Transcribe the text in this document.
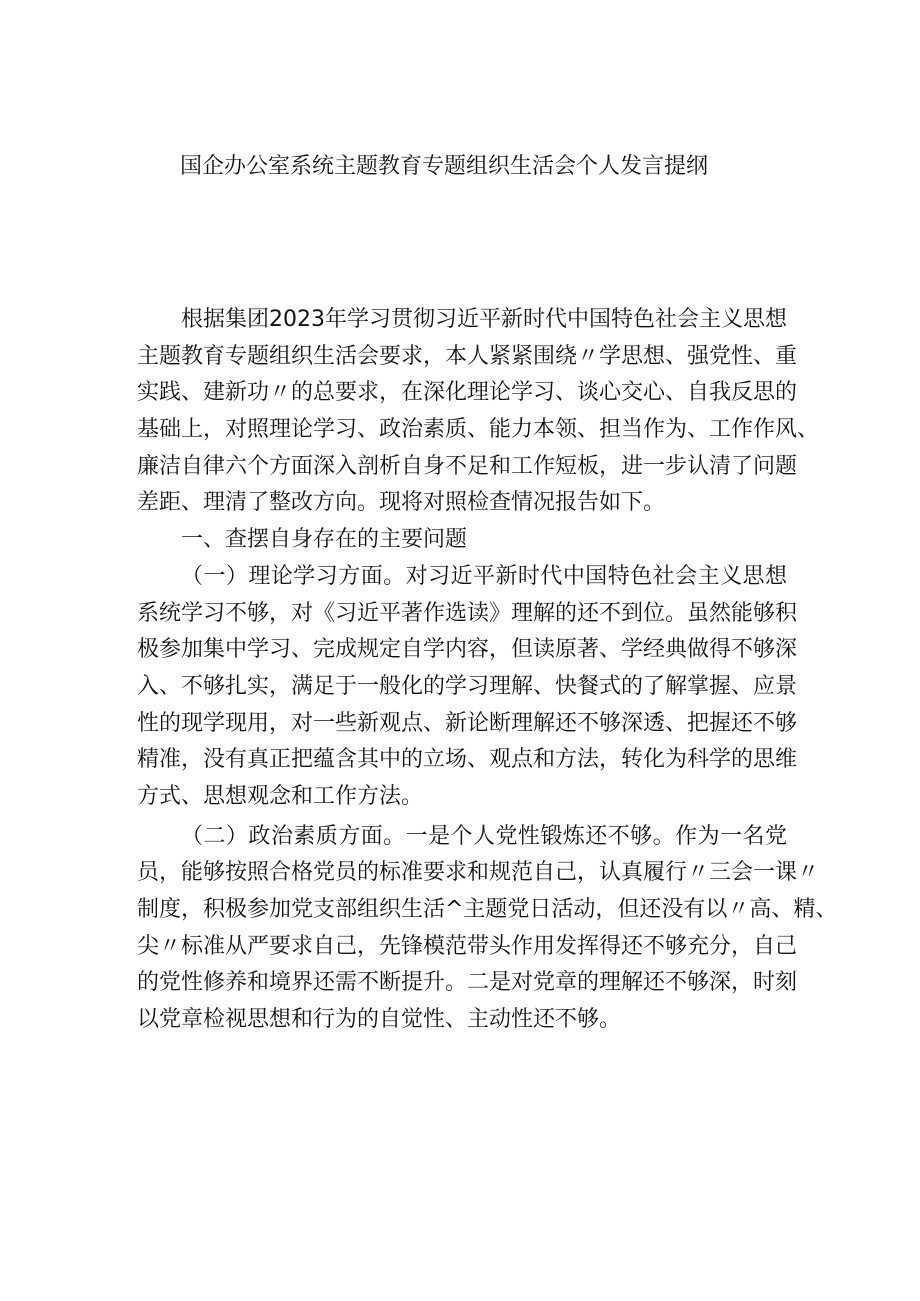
国企办公室系统主题教育专题组织生活会个人发言提纲
根据集团2023年学习贯彻习近平新时代中国特色社会主义思想
主题教育专题组织生活会要求，本人紧紧围绕〃学思想、强党性、重
实践、建新功〃的总要求，在深化理论学习、谈心交心、自我反思的
基础上，对照理论学习、政治素质、能力本领、担当作为、工作作风、
廉洁自律六个方面深入剖析自身不足和工作短板，进一步认清了问题
差距、理清了整改方向。现将对照检查情况报告如下。
一、查摆自身存在的主要问题
（一）理论学习方面。对习近平新时代中国特色社会主义思想
系统学习不够，对《习近平著作选读》理解的还不到位。虽然能够积
极参加集中学习、完成规定自学内容，但读原著、学经典做得不够深
入、不够扎实，满足于一般化的学习理解、快餐式的了解掌握、应景
性的现学现用，对一些新观点、新论断理解还不够深透、把握还不够
精准，没有真正把蕴含其中的立场、观点和方法，转化为科学的思维
方式、思想观念和工作方法。
（二）政治素质方面。一是个人党性锻炼还不够。作为一名党
员，能够按照合格党员的标准要求和规范自己，认真履行〃三会一课〃
制度，积极参加党支部组织生活^主题党日活动，但还没有以〃高、精、
尖〃标准从严要求自己，先锋模范带头作用发挥得还不够充分，自己
的党性修养和境界还需不断提升。二是对党章的理解还不够深，时刻
以党章检视思想和行为的自觉性、主动性还不够。
